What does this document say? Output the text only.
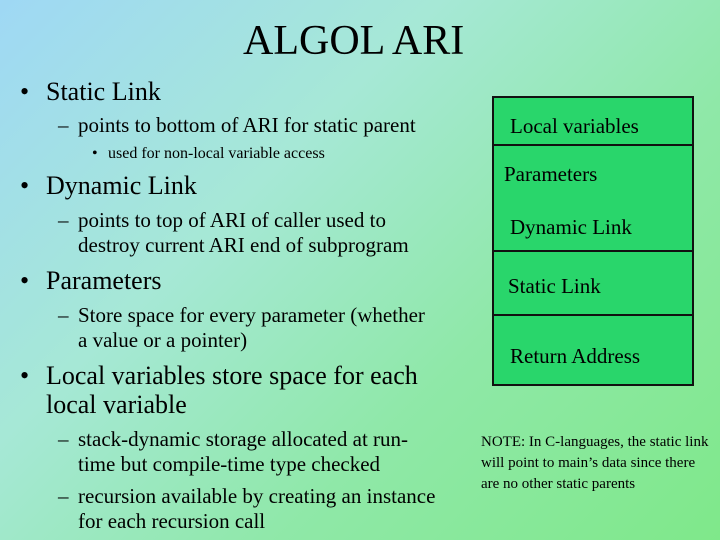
ALGOL ARI
• Static Link
– points to bottom of ARI for static parent
• used for non-local variable access
• Dynamic Link
– points to top of ARI of caller used to
destroy current ARI end of subprogram
• Parameters
– Store space for every parameter (whether
a value or a pointer)
• Local variables store space for each
local variable
– stack-dynamic storage allocated at run-
time but compile-time type checked
– recursion available by creating an instance
for each recursion call
Local variables
Parameters
Dynamic Link
Static Link
Return Address
NOTE: In C-languages, the static link will point to main’s data since there are no other static parents
